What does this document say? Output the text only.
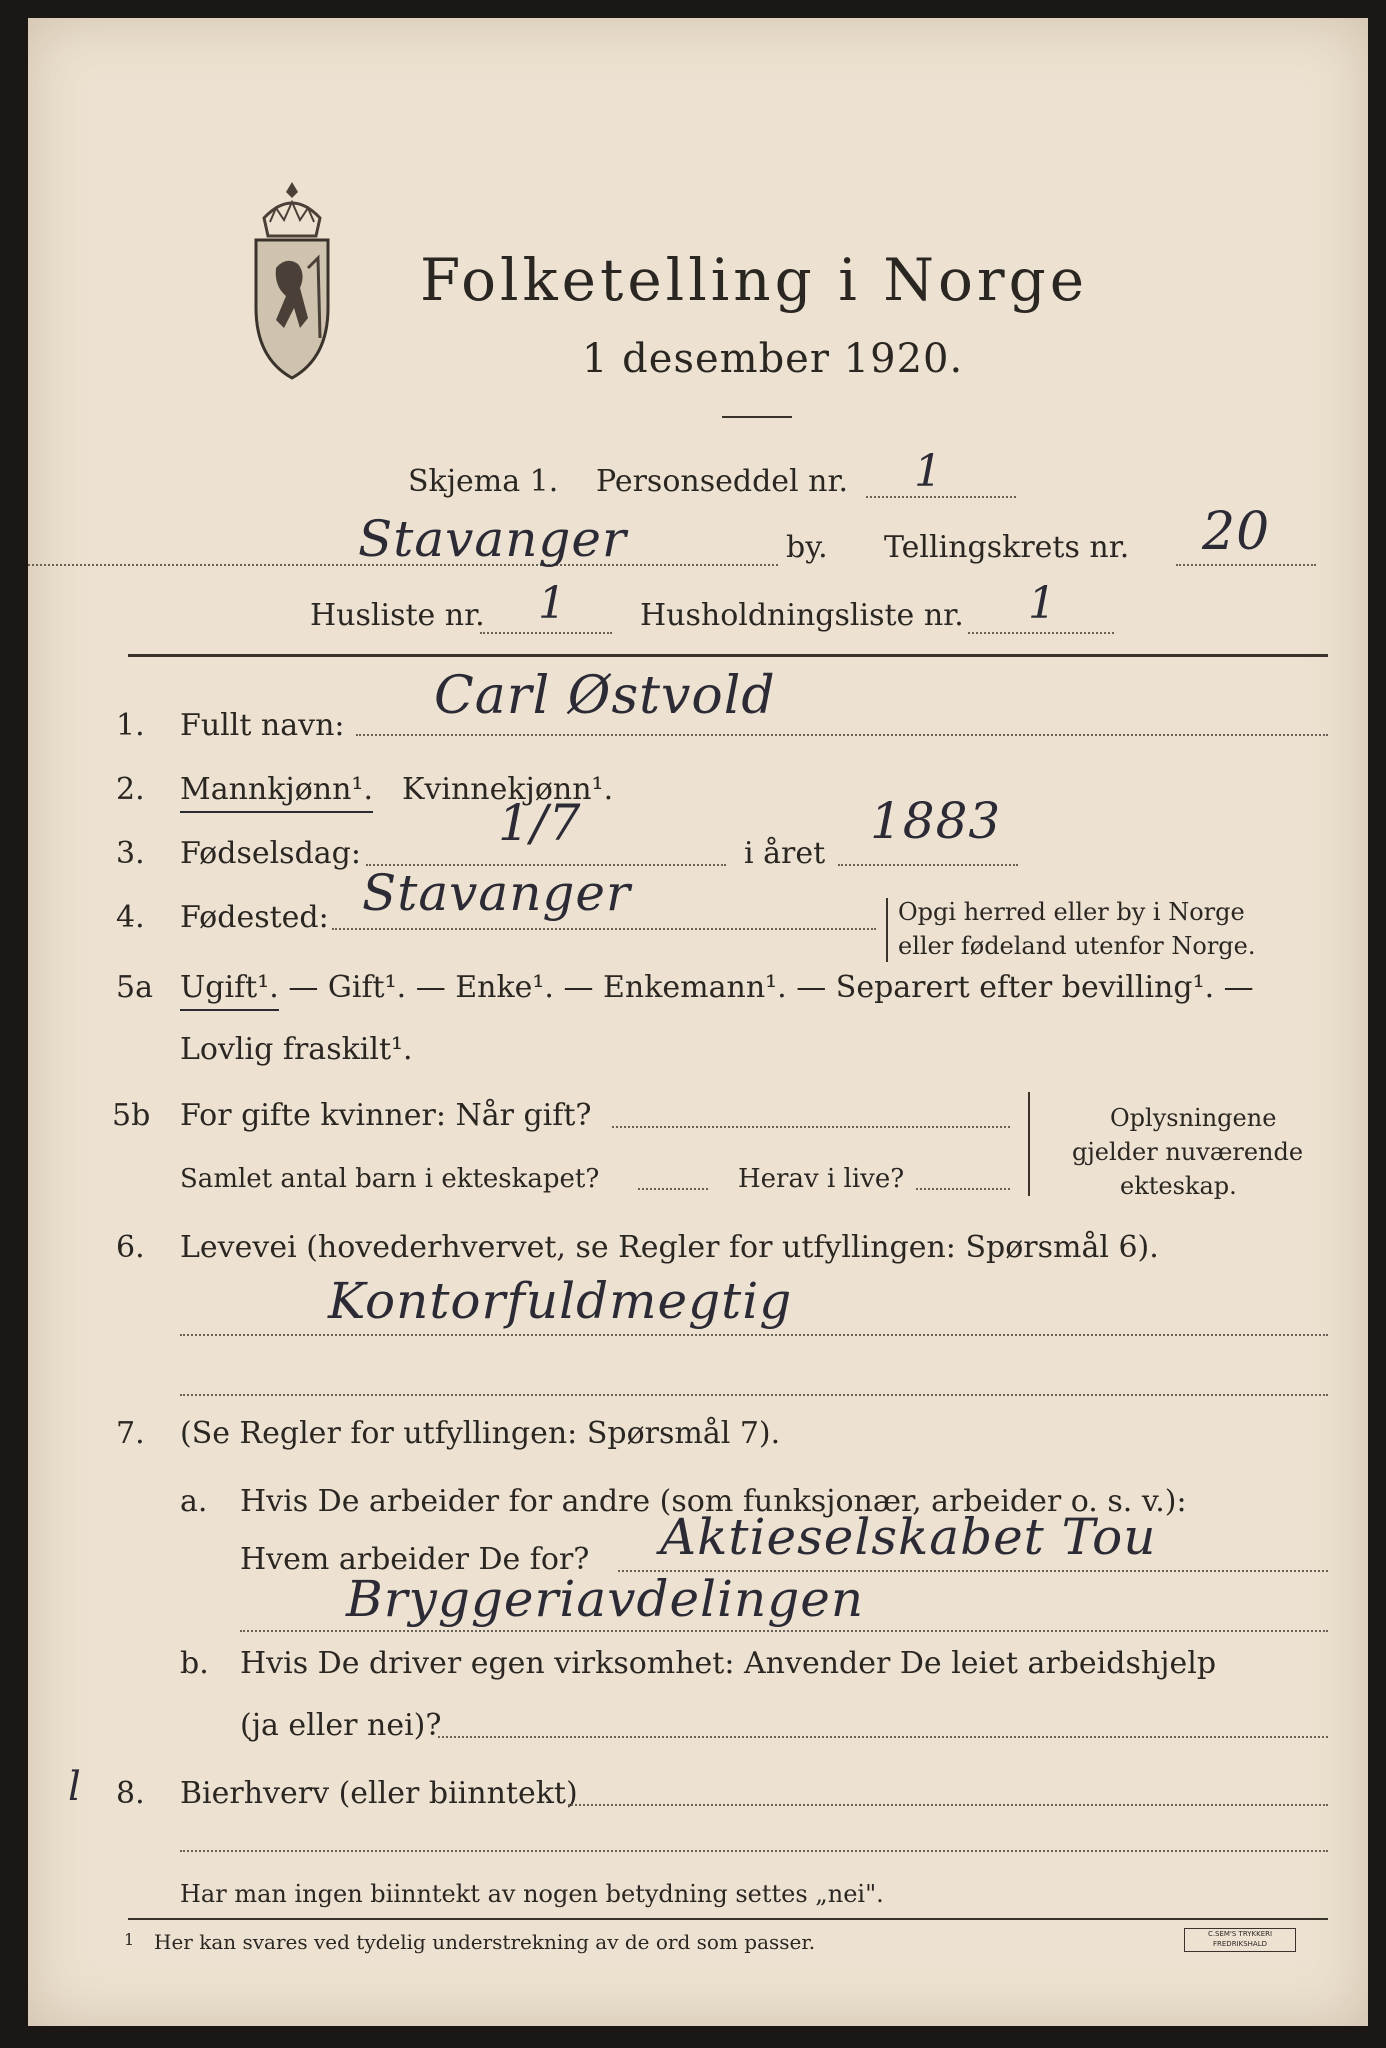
Folketelling i Norge
1 desember 1920.
Skjema 1. Personseddel nr. 1
Stavanger	by. Tellingskrets nr. 20
Husliste nr. 1 Husholdningsliste nr. 1
1. Fullt navn: Carl Østvold
2. Mannkjønn¹. Kvinnekjønn¹.
3. Fødselsdag:
1/7
i året
1883
4. Fødested: Stavanger	Opgi herred eller by i Norge
eller fødeland utenfor Norge.
5a Ugift¹. — Gift¹. — Enke¹. — Enkemann¹. — Separert efter bevilling¹. —
Lovlig fraskilt¹.
5b For gifte kvinner: Når gift?
Samlet antal barn i ekteskapet?	Herav i live?
Oplysningene
gjelder nuværende
ekteskap.
6. Levevei (hovederhvervet, se Regler for utfyllingen: Spørsmål 6).
Kontorfuldmegtig
7. (Se Regler for utfyllingen: Spørsmål 7).
a. Hvis De arbeider for andre (som funksjonær, arbeider o. s. v.):
Hvem arbeider De for? Aktieselskabet Tou
Bryggeriavdelingen
b. Hvis De driver egen virksomhet: Anvender De leiet arbeidshjelp
(ja eller nei)?
l 8. Bierhverv (eller biinntekt)
Har man ingen biinntekt av nogen betydning settes „nei".
1 Her kan svares ved tydelig understrekning av de ord som passer.	C.SEM'S TRYKKERI FREDRIKSHALD
